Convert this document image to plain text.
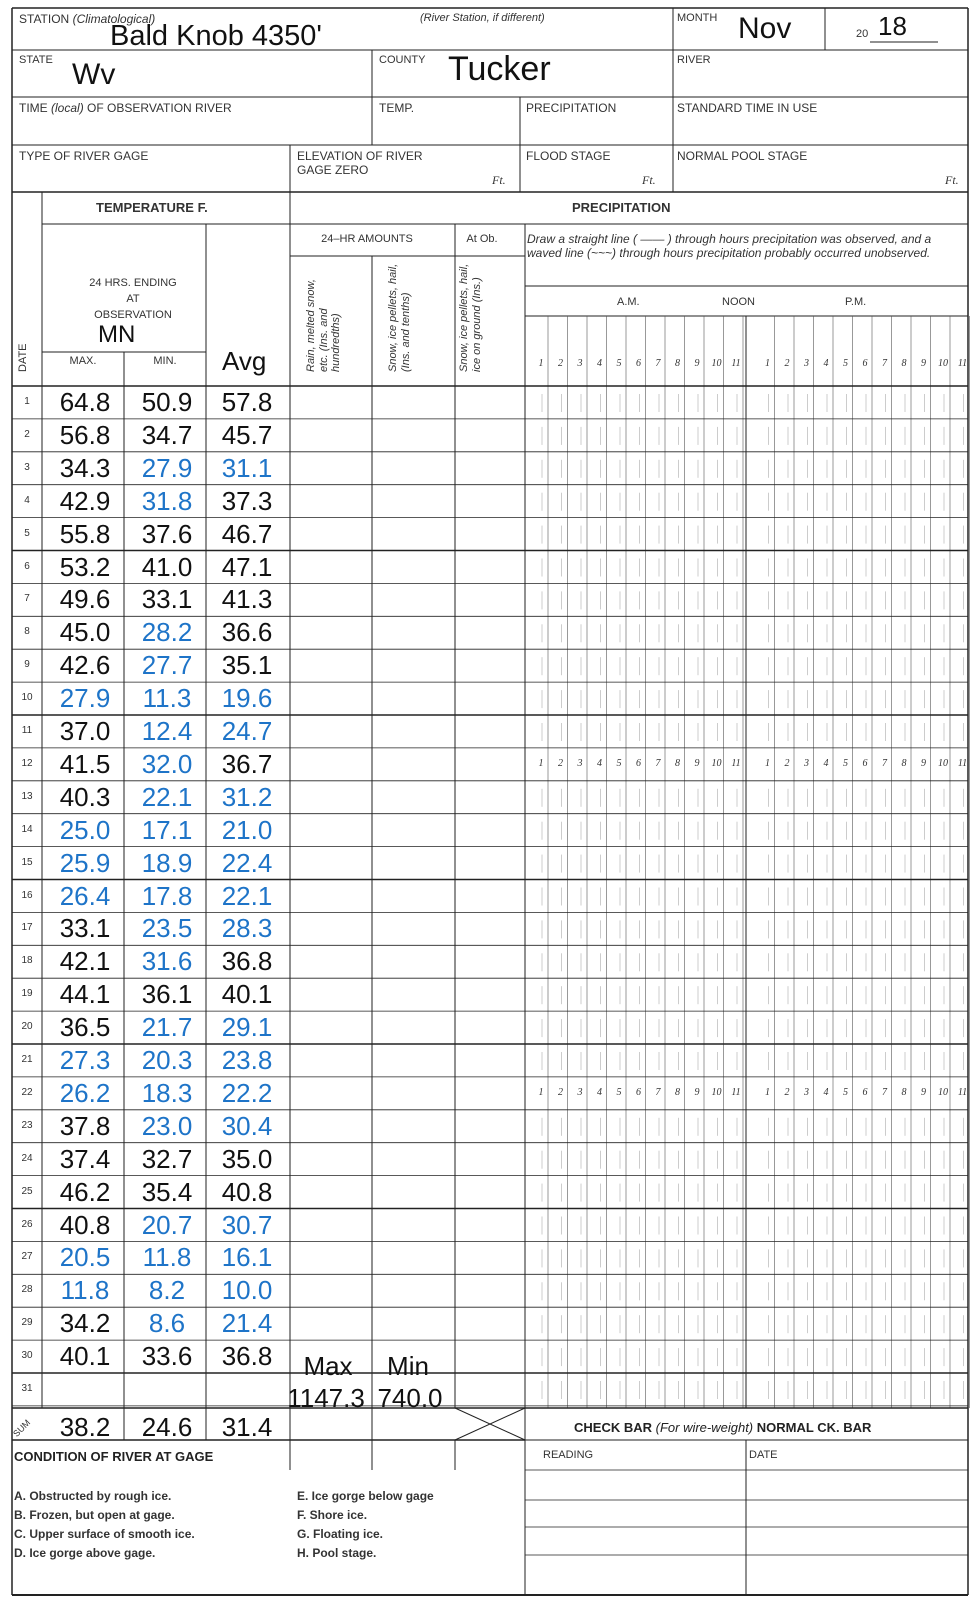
STATION (Climatological)
Bald Knob 4350'
(River Station, if different)	MONTH Nov	20 18
STATE Wv	COUNTY Tucker	RIVER
TIME (local) OF OBSERVATION RIVER	TEMP.	PRECIPITATION	STANDARD TIME IN USE
TYPE OF RIVER GAGE	ELEVATION OF RIVER
GAGE ZERO
Ft.
FLOOD STAGE
Ft.
NORMAL POOL STAGE
Ft.
TEMPERATURE F.
24 HRS. ENDING
AT
OBSERVATION
MN
MAX.	MIN.	Avg
DATE
PRECIPITATION
24–HR AMOUNTS	At Ob.
Rain, melted snow, etc. (Ins. and hundredths)	Snow, ice pellets, hail, (Ins. and tenths)	Snow, ice pellets, hail, ice on ground (Ins.)
Draw a straight line ( —— ) through hours precipitation was observed, and a waved line (~~~) through hours precipitation probably occurred unobserved.
A.M.	NOON	P.M.
1	2	3	4	5	6	7	8	9	10 11	1	2	3	4	5	6	7	8	9	10 11
1	2	3	4	5	6	7	8	9	10 11	1	2	3	4	5	6	7	8	9	10 11
1	2	3	4	5	6	7	8	9	10 11	1	2	3	4	5	6	7	8	9	10 11
1	64.8	50.9	57.8
2	56.8	34.7	45.7
3	34.3	27.9	31.1
4	42.9	31.8	37.3
5	55.8	37.6	46.7
6	53.2	41.0	47.1
7	49.6	33.1	41.3
8	45.0	28.2	36.6
9	42.6	27.7	35.1
10	27.9	11.3	19.6
11	37.0	12.4	24.7
12	41.5	32.0	36.7
13	40.3	22.1	31.2
14	25.0	17.1	21.0
15	25.9	18.9	22.4
16	26.4	17.8	22.1
17	33.1	23.5	28.3
18	42.1	31.6	36.8
19	44.1	36.1	40.1
20	36.5	21.7	29.1
21	27.3	20.3	23.8
22	26.2	18.3	22.2
23	37.8	23.0	30.4
24	37.4	32.7	35.0
25	46.2	35.4	40.8
26	40.8	20.7	30.7
27	20.5	11.8	16.1
28	11.8	8.2	10.0
29	34.2	8.6	21.4
30	40.1	33.6	36.8
31
Max	Min
1147.3 740.0
SUM	38.2	24.6	31.4	CHECK BAR (For wire-weight) NORMAL CK. BAR
READING	DATE
CONDITION OF RIVER AT GAGE
A. Obstructed by rough ice.
B. Frozen, but open at gage.
C. Upper surface of smooth ice.
D. Ice gorge above gage.
E. Ice gorge below gage
F. Shore ice.
G. Floating ice.
H. Pool stage.
